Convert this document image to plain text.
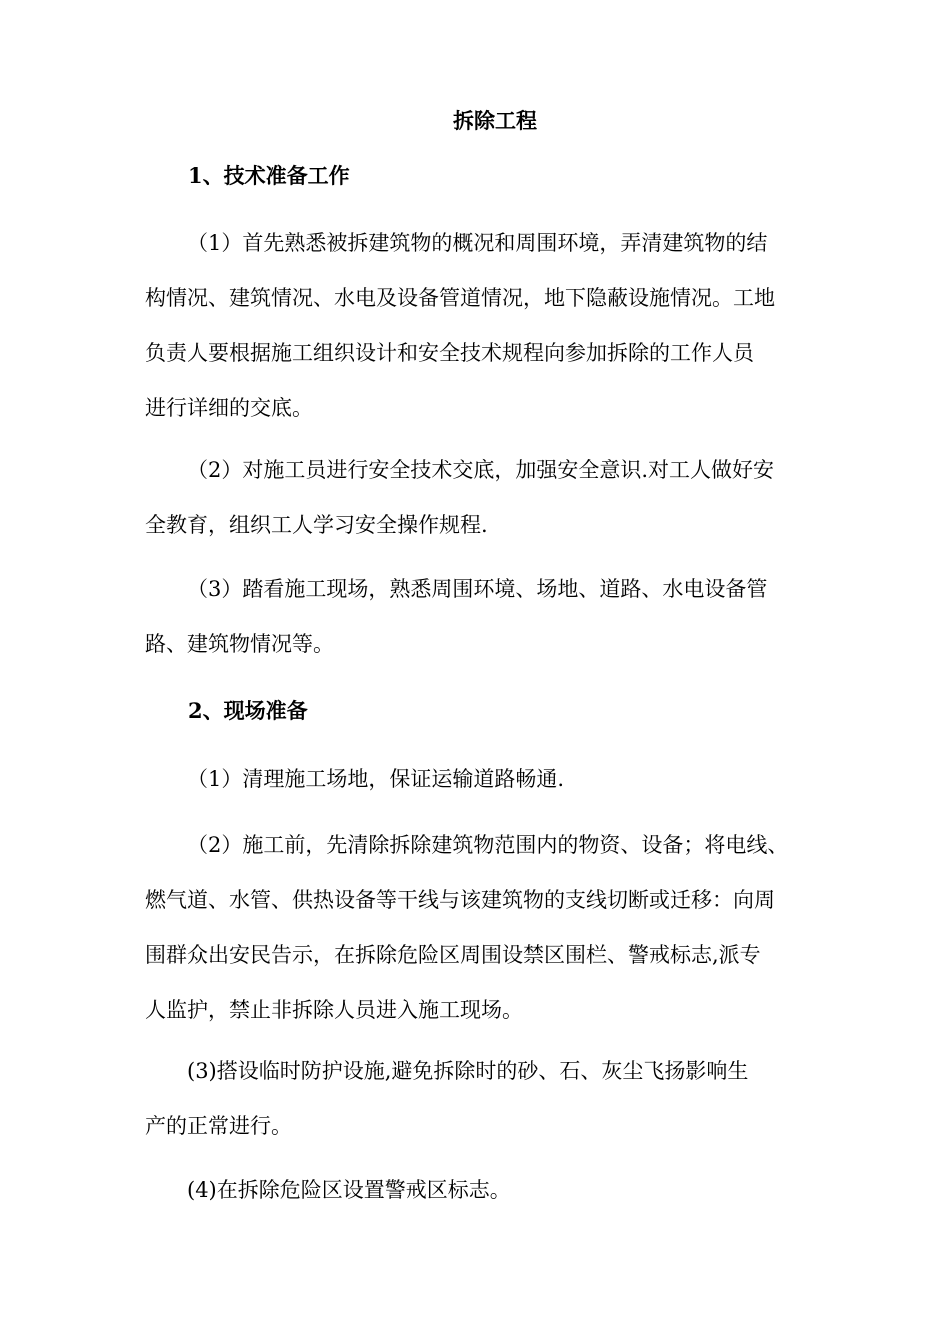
拆除工程
1、技术准备工作

（1）首先熟悉被拆建筑物的概况和周围环境，弄清建筑物的结
构情况、建筑情况、水电及设备管道情况，地下隐蔽设施情况。工地
负责人要根据施工组织设计和安全技术规程向参加拆除的工作人员
进行详细的交底。

（2）对施工员进行安全技术交底，加强安全意识.对工人做好安
全教育，组织工人学习安全操作规程.

（3）踏看施工现场，熟悉周围环境、场地、道路、水电设备管
路、建筑物情况等。

2、现场准备

（1）清理施工场地，保证运输道路畅通.

（2）施工前，先清除拆除建筑物范围内的物资、设备；将电线、
燃气道、水管、供热设备等干线与该建筑物的支线切断或迁移：向周
围群众出安民告示，在拆除危险区周围设禁区围栏、警戒标志,派专
人监护，禁止非拆除人员进入施工现场。

(3)搭设临时防护设施,避免拆除时的砂、石、灰尘飞扬影响生
产的正常进行。

(4)在拆除危险区设置警戒区标志。
